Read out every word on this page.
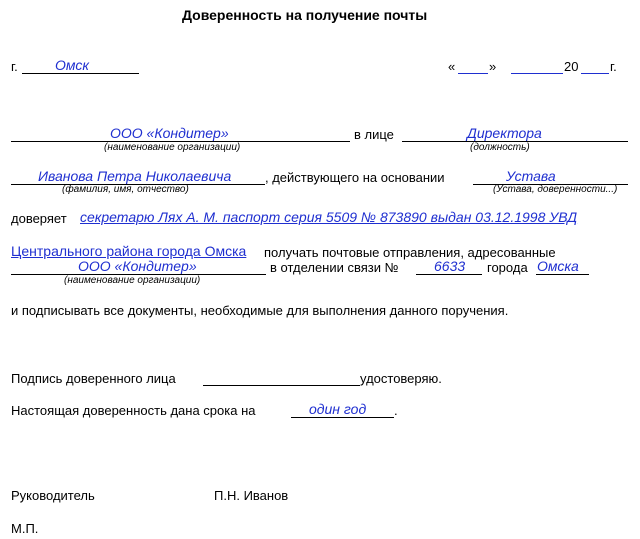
Доверенность на получение почты
г.	Омск	«	»	20 г.
ООО «Кондитер»	в лице	Директора
(наименование организации)	(должность)
Иванова Петра Николаевича	, действующего на основании	Устава
(фамилия, имя, отчество)	(Устава, доверенности...)
доверяет секретарю Лях А. М. паспорт серия 5509 № 873890 выдан 03.12.1998 УВД
Центрального района города Омска получать почтовые отправления, адресованные
ООО «Кондитер»	в отделении связи №	6633 города Омска
(наименование организации)
и подписывать все документы, необходимые для выполнения данного поручения.
Подпись доверенного лица	удостоверяю.
Настоящая доверенность дана срока на	один год .
Руководитель	П.Н. Иванов
М.П.
